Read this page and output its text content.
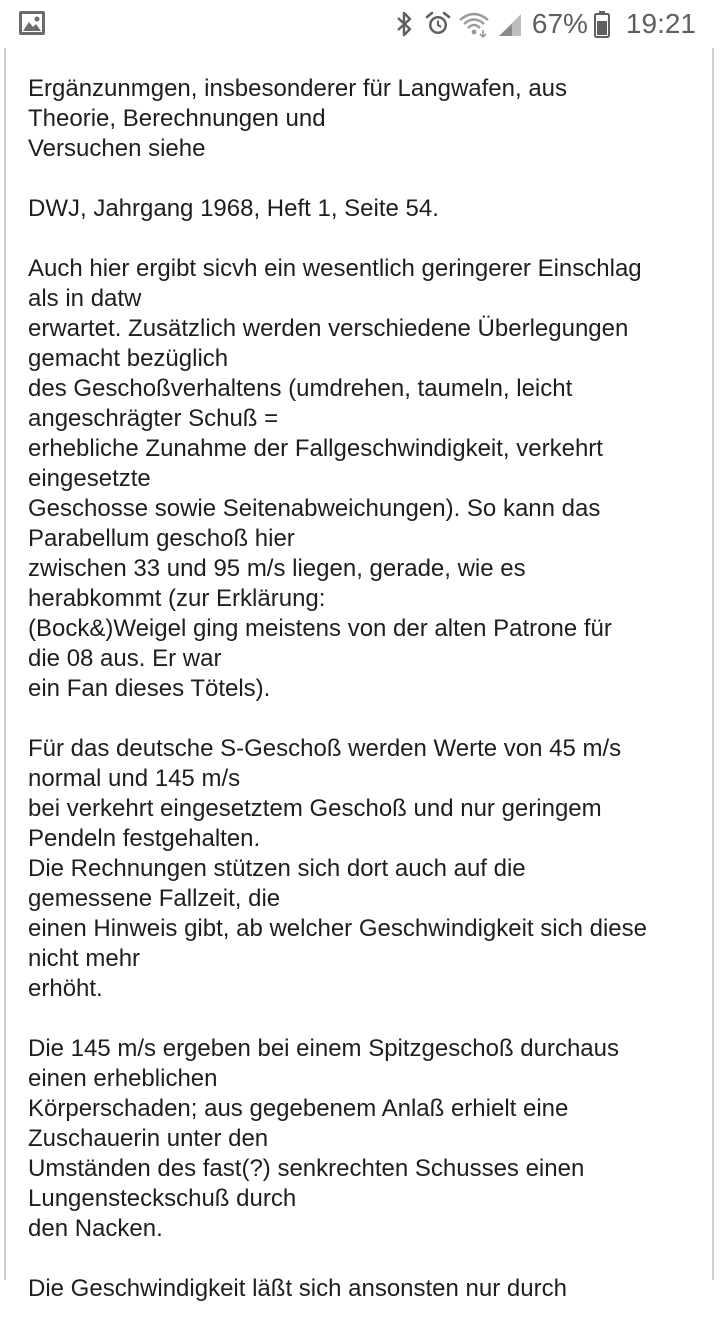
67% 19:21
Ergänzunmgen, insbesonderer für Langwafen, aus
Theorie, Berechnungen und
Versuchen siehe
DWJ, Jahrgang 1968, Heft 1, Seite 54.
Auch hier ergibt sicvh ein wesentlich geringerer Einschlag
als in datw
erwartet. Zusätzlich werden verschiedene Überlegungen
gemacht bezüglich
des Geschoßverhaltens (umdrehen, taumeln, leicht
angeschrägter Schuß =
erhebliche Zunahme der Fallgeschwindigkeit, verkehrt
eingesetzte
Geschosse sowie Seitenabweichungen). So kann das
Parabellum geschoß hier
zwischen 33 und 95 m/s liegen, gerade, wie es
herabkommt (zur Erklärung:
(Bock&)Weigel ging meistens von der alten Patrone für
die 08 aus. Er war
ein Fan dieses Tötels).
Für das deutsche S-Geschoß werden Werte von 45 m/s
normal und 145 m/s
bei verkehrt eingesetztem Geschoß und nur geringem
Pendeln festgehalten.
Die Rechnungen stützen sich dort auch auf die
gemessene Fallzeit, die
einen Hinweis gibt, ab welcher Geschwindigkeit sich diese
nicht mehr
erhöht.
Die 145 m/s ergeben bei einem Spitzgeschoß durchaus
einen erheblichen
Körperschaden; aus gegebenem Anlaß erhielt eine
Zuschauerin unter den
Umständen des fast(?) senkrechten Schusses einen
Lungensteckschuß durch
den Nacken.
Die Geschwindigkeit läßt sich ansonsten nur durch
